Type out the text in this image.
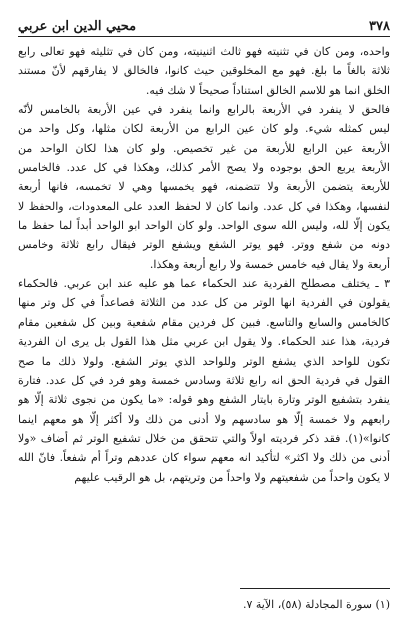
٣٧٨
محيي الدين ابن عربي
واحده، ومن كان في تثنيته فهو ثالث اثنينيته، ومن كان في تثليثه فهو تعالى رابع
ثلاثة بالغاً ما بلغ. فهو مع المخلوقين حيث كانوا، فالخالق لا يفارقهم لأنّ مستند
الخلق انما هو للاسم الخالق استناداً صحيحاً لا شك فيه.
فالحق لا ينفرد في الأربعة بالرابع وانما ينفرد في عين الأربعة بالخامس لأنّه
ليس كمثله شي‌ء. ولو كان عين الرابع من الأربعة لكان مثلها، وكل واحد من
الأربعة عين الرابع للأربعة من غير تخصيص. ولو كان هذا لكان الواحد من
الأربعة يربع الحق بوجوده ولا يصح الأمر كذلك، وهكذا في كل عدد. فالخامس
للأربعة يتضمن الأربعة ولا تتضمنه، فهو يخمسها وهي لا تخمسه، فانها أربعة
لنفسها، وهكذا في كل عدد. وانما كان لا لحفظ العدد على المعدودات، والحفظ لا
يكون إلّا لله، وليس الله سوى الواحد. ولو كان الواحد ابو الواحد أبداً لما حفظ ما
دونه من شفع ووتر. فهو يوتر الشفع ويشفع الوتر فيقال رابع ثلاثة وخامس
أربعة ولا يقال فيه خامس خمسة ولا رابع أربعة وهكذا.
٣ ـ يختلف مصطلح الفردية عند الحكماء عما هو عليه عند ابن عربي. فالحكماء
يقولون في الفردية انها الوتر من كل عدد من الثلاثة فصاعداً في كل وتر منها
كالخامس والسابع والتاسع. فبين كل فردين مقام شفعية وبين كل شفعين مقام
فردية، هذا عند الحكماء. ولا يقول ابن عربي مثل هذا القول بل يرى ان الفردية
تكون للواحد الذي يشفع الوتر وللواحد الذي يوتر الشفع. ولولا ذلك ما صح
القول في فردية الحق انه رابع ثلاثة وسادس خمسة وهو فرد في كل عدد. فتارة
ينفرد بتشفيع الوتر وتارة بايتار الشفع وهو قوله: «ما يكون من نجوى ثلاثة إلّا هو
رابعهم ولا خمسة إلّا هو سادسهم ولا أدنى من ذلك ولا أكثر إلّا هو معهم اينما
كانوا»(١). فقد ذكر فرديته اولاً والتي تتحقق من خلال تشفيع الوتر ثم أضاف «ولا
أدنى من ذلك ولا اكثر» لتأكيد انه معهم سواء كان عددهم وتراً أم شفعاً. فانّ الله
لا يكون واحداً من شفعيتهم ولا واحداً من وتريتهم، بل هو الرقيب عليهم
(١) سورة المجادلة (٥٨)، الآية ٧.
